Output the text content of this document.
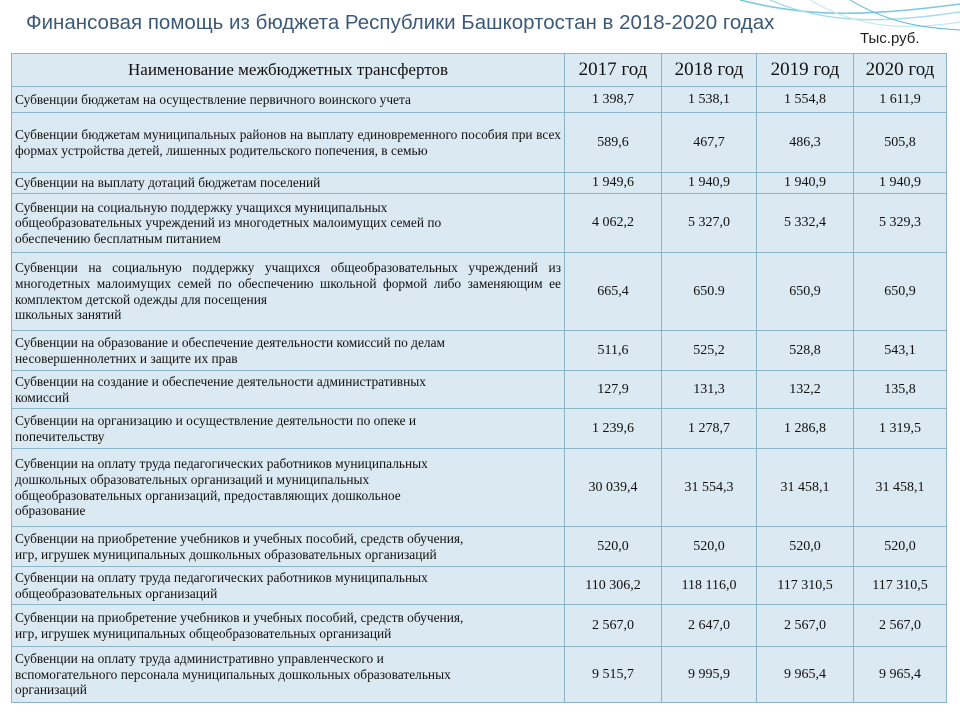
Финансовая помощь из бюджета Республики Башкортостан в 2018-2020 годах
Тыс.руб.
Наименование межбюджетных трансфертов	2017 год	2018 год	2019 год	2020 год
Субвенции бюджетам на осуществление первичного воинского учета	1 398,7	1 538,1	1 554,8	1 611,9
Субвенции бюджетам муниципальных районов на выплату единовременного пособия при всех формах устройства детей, лишенных родительского попечения, в семью	589,6	467,7	486,3	505,8
Субвенции на выплату дотаций бюджетам поселений	1 949,6	1 940,9	1 940,9	1 940,9
Субвенции на социальную поддержку учащихся муниципальных
общеобразовательных учреждений из многодетных малоимущих семей по
обеспечению бесплатным питанием	4 062,2	5 327,0	5 332,4	5 329,3
Субвенции на социальную поддержку учащихся общеобразовательных учреждений из многодетных малоимущих семей по обеспечению школьной формой либо заменяющим ее комплектом детской одежды для посещения
школьных занятий	665,4	650.9	650,9	650,9
Субвенции на образование и обеспечение деятельности комиссий по делам
несовершеннолетних и защите их прав	511,6	525,2	528,8	543,1
Субвенции на создание и обеспечение деятельности административных
комиссий	127,9	131,3	132,2	135,8
Субвенции на организацию и осуществление деятельности по опеке и
попечительству	1 239,6	1 278,7	1 286,8	1 319,5
Субвенции на оплату труда педагогических работников муниципальных
дошкольных образовательных организаций и муниципальных
общеобразовательных организаций, предоставляющих дошкольное
образование	30 039,4	31 554,3	31 458,1	31 458,1
Субвенции на приобретение учебников и учебных пособий, средств обучения,
игр, игрушек муниципальных дошкольных образовательных организаций	520,0	520,0	520,0	520,0
Субвенции на оплату труда педагогических работников муниципальных
общеобразовательных организаций	110 306,2	118 116,0	117 310,5	117 310,5
Субвенции на приобретение учебников и учебных пособий, средств обучения,
игр, игрушек муниципальных общеобразовательных организаций	2 567,0	2 647,0	2 567,0	2 567,0
Субвенции на оплату труда административно управленческого и
вспомогательного персонала муниципальных дошкольных образовательных
организаций	9 515,7	9 995,9	9 965,4	9 965,4
